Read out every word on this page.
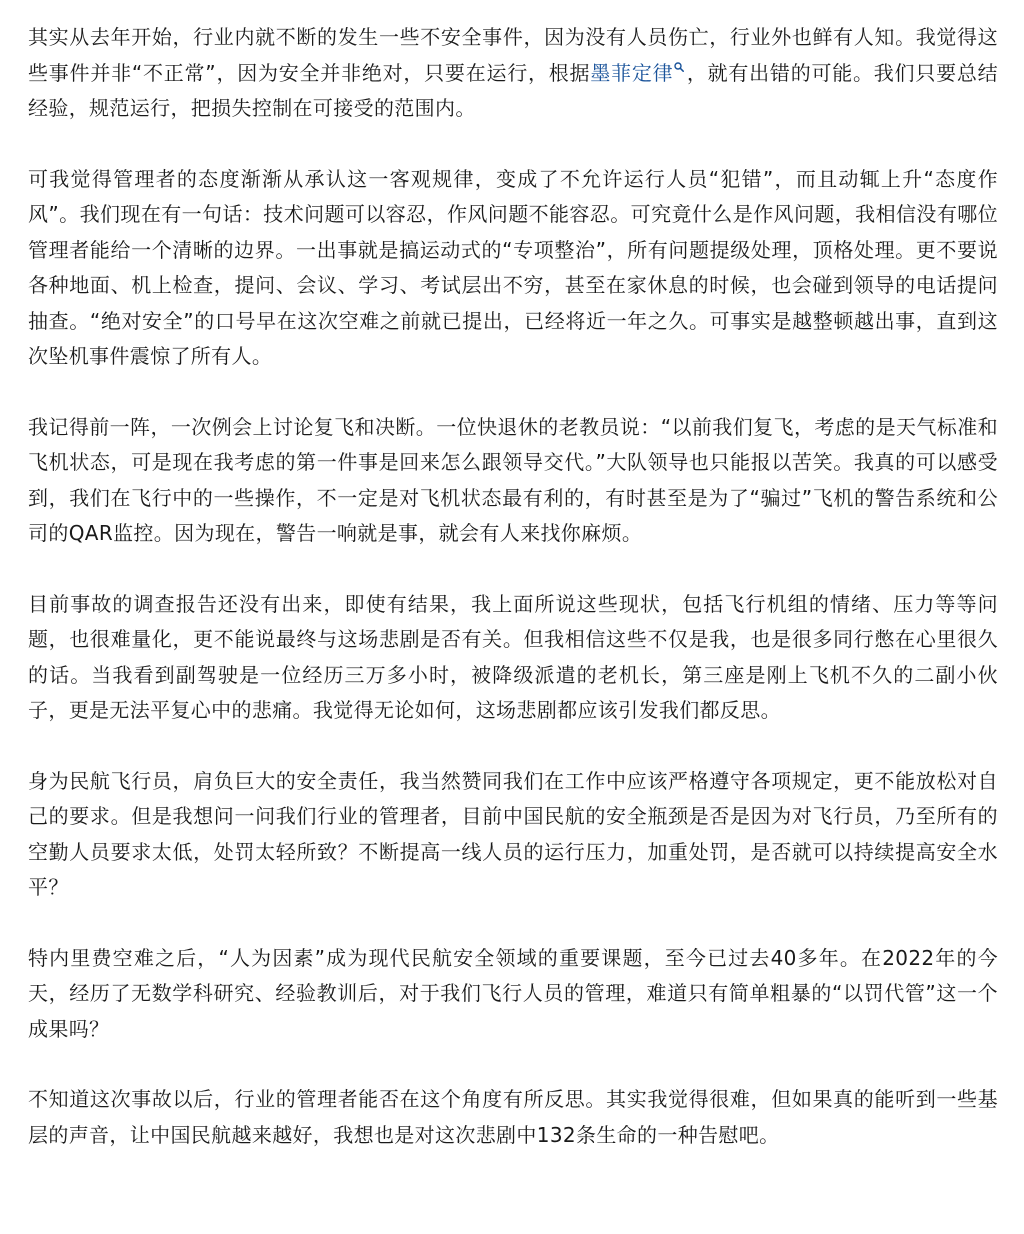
其实从去年开始，行业内就不断的发生一些不安全事件，因为没有人员伤亡，行业外也鲜有人知。我觉得这些事件并非“不正常”，因为安全并非绝对，只要在运行，根据墨菲定律 ，就有出错的可能。我们只要总结经验，规范运行，把损失控制在可接受的范围内。

可我觉得管理者的态度渐渐从承认这一客观规律，变成了不允许运行人员“犯错”，而且动辄上升“态度作风”。我们现在有一句话：技术问题可以容忍，作风问题不能容忍。可究竟什么是作风问题，我相信没有哪位管理者能给一个清晰的边界。一出事就是搞运动式的“专项整治”，所有问题提级处理，顶格处理。更不要说各种地面、机上检查，提问、会议、学习、考试层出不穷，甚至在家休息的时候，也会碰到领导的电话提问抽查。“绝对安全”的口号早在这次空难之前就已提出，已经将近一年之久。可事实是越整顿越出事，直到这次坠机事件震惊了所有人。

我记得前一阵，一次例会上讨论复飞和决断。一位快退休的老教员说：“以前我们复飞，考虑的是天气标准和飞机状态，可是现在我考虑的第一件事是回来怎么跟领导交代。”大队领导也只能报以苦笑。我真的可以感受到，我们在飞行中的一些操作，不一定是对飞机状态最有利的，有时甚至是为了“骗过”飞机的警告系统和公司的QAR监控。因为现在，警告一响就是事，就会有人来找你麻烦。

目前事故的调查报告还没有出来，即使有结果，我上面所说这些现状，包括飞行机组的情绪、压力等等问题，也很难量化，更不能说最终与这场悲剧是否有关。但我相信这些不仅是我，也是很多同行憋在心里很久的话。当我看到副驾驶是一位经历三万多小时，被降级派遣的老机长，第三座是刚上飞机不久的二副小伙子，更是无法平复心中的悲痛。我觉得无论如何，这场悲剧都应该引发我们都反思。

身为民航飞行员，肩负巨大的安全责任，我当然赞同我们在工作中应该严格遵守各项规定，更不能放松对自己的要求。但是我想问一问我们行业的管理者，目前中国民航的安全瓶颈是否是因为对飞行员，乃至所有的空勤人员要求太低，处罚太轻所致？不断提高一线人员的运行压力，加重处罚，是否就可以持续提高安全水平？

特内里费空难之后，“人为因素”成为现代民航安全领域的重要课题，至今已过去40多年。在2022年的今天，经历了无数学科研究、经验教训后，对于我们飞行人员的管理，难道只有简单粗暴的“以罚代管”这一个成果吗？

不知道这次事故以后，行业的管理者能否在这个角度有所反思。其实我觉得很难，但如果真的能听到一些基层的声音，让中国民航越来越好，我想也是对这次悲剧中132条生命的一种告慰吧。
